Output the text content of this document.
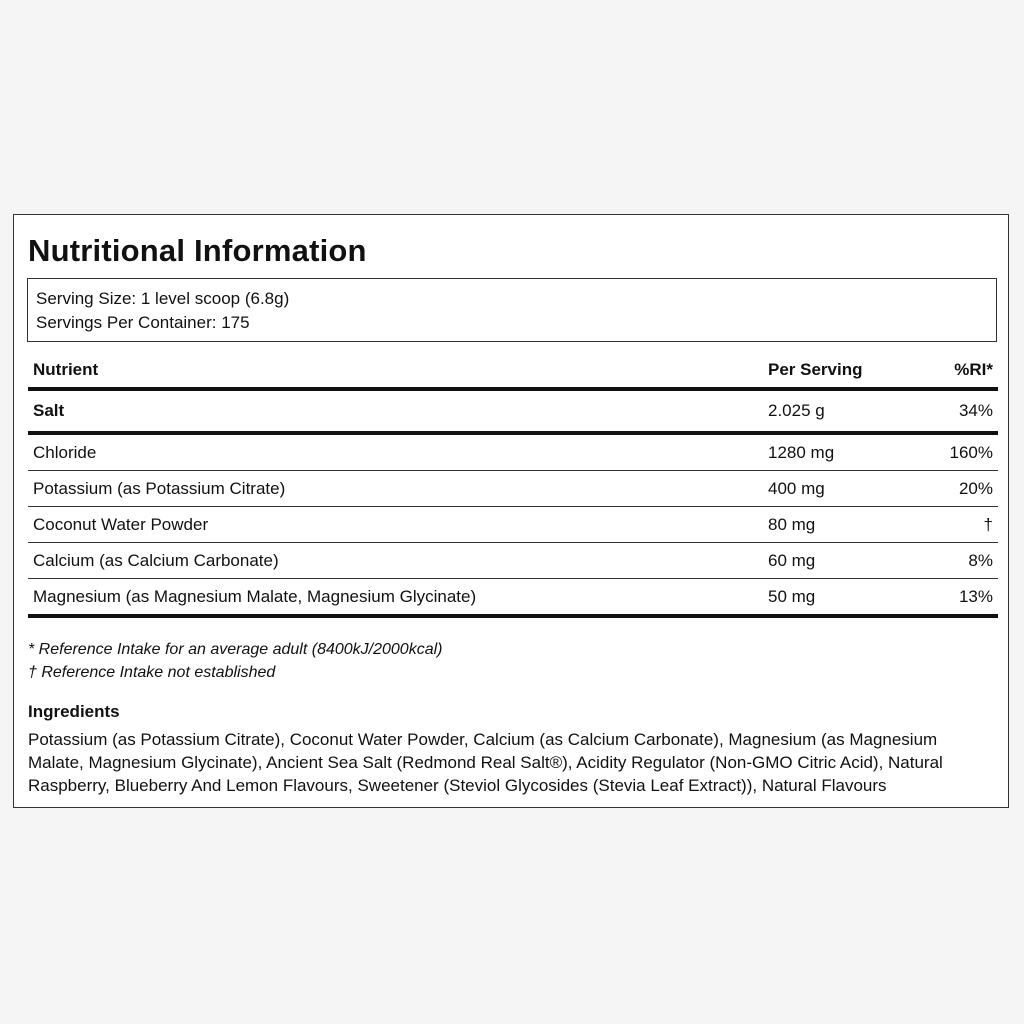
Nutritional Information
Serving Size: 1 level scoop (6.8g)
Servings Per Container: 175
Nutrient	Per Serving	%RI*
Salt	2.025 g	34%
Chloride	1280 mg	160%
Potassium (as Potassium Citrate)	400 mg	20%
Coconut Water Powder	80 mg	†
Calcium (as Calcium Carbonate)	60 mg	8%
Magnesium (as Magnesium Malate, Magnesium Glycinate)	50 mg	13%
* Reference Intake for an average adult (8400kJ/2000kcal)
† Reference Intake not established
Ingredients

Potassium (as Potassium Citrate), Coconut Water Powder, Calcium (as Calcium Carbonate), Magnesium (as Magnesium Malate, Magnesium Glycinate), Ancient Sea Salt (Redmond Real Salt®), Acidity Regulator (Non-GMO Citric Acid), Natural Raspberry, Blueberry And Lemon Flavours, Sweetener (Steviol Glycosides (Stevia Leaf Extract)), Natural Flavours
